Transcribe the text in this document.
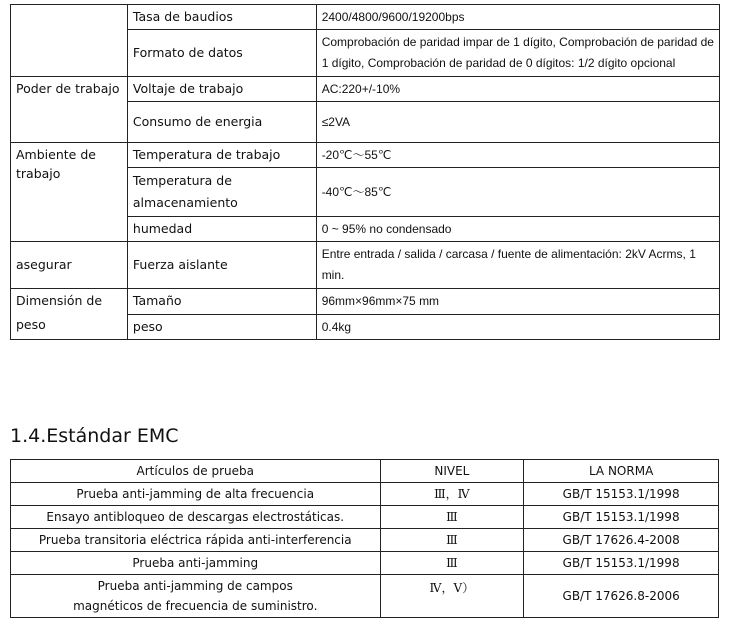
	Tasa de baudios	2400/4800/9600/19200bps
	Formato de datos	Comprobación de paridad impar de 1 dígito, Comprobación de paridad de 1 dígito, Comprobación de paridad de 0 dígitos: 1/2 dígito opcional
Poder de trabajo	Voltaje de trabajo	AC:220+/-10%
	Consumo de energia	≤2VA
Ambiente de trabajo	Temperatura de trabajo	-20℃～55℃
	Temperatura de almacenamiento	-40℃～85℃
	humedad	0 ~ 95% no condensado
asegurar	Fuerza aislante	Entre entrada / salida / carcasa / fuente de alimentación: 2kV Acrms, 1 min.
Dimensión de peso	Tamaño	96mm×96mm×75 mm
	peso	0.4kg
1.4.Estándar EMC
Artículos de prueba	NIVEL	LA NORMA
Prueba anti-jamming de alta frecuencia	Ⅲ，Ⅳ	GB/T 15153.1/1998
Ensayo antibloqueo de descargas electrostáticas.	Ⅲ	GB/T 15153.1/1998
Prueba transitoria eléctrica rápida anti-interferencia	Ⅲ	GB/T 17626.4-2008
Prueba anti-jamming	Ⅲ	GB/T 15153.1/1998
Prueba anti-jamming de campos magnéticos de frecuencia de suministro.	Ⅳ，Ⅴ）	GB/T 17626.8-2006
